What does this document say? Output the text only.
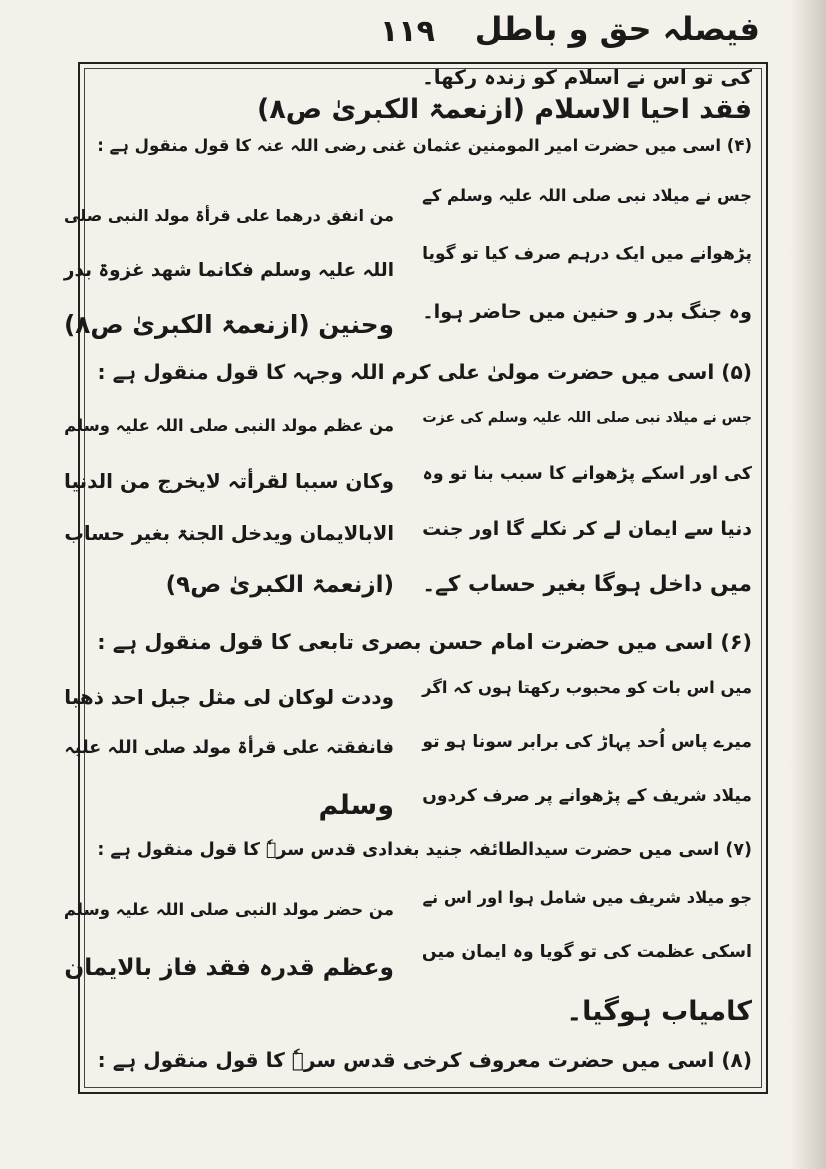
١١٩ فیصلہ حق و باطل
فقد احیا الاسلام (ازنعمۃ الکبریٰ ص۸)
کی تو اس نے اسلام کو زندہ رکھا۔
(۴) اسی میں حضرت امیر المومنین عثمان غنی رضی اللہ عنہ کا قول منقول ہے :
جس نے میلاد نبی صلی اللہ علیہ وسلم کے
من انفق درھما علی قرأۃ مولد النبی صلی
پڑھوانے میں ایک درہم صرف کیا تو گویا
اللہ علیہ وسلم فکانما شھد غزوۃ بدر
وہ جنگ بدر و حنین میں حاضر ہوا۔
وحنین (ازنعمۃ الکبریٰ ص۸)
(۵) اسی میں حضرت مولیٰ علی کرم اللہ وجہہ کا قول منقول ہے :
جس نے میلاد نبی صلی اللہ علیہ وسلم کی عزت
من عظم مولد النبی صلی اللہ علیہ وسلم
کی اور اسکے پڑھوانے کا سبب بنا تو وہ
وکان سببا لقرأتہ لایخرج من الدنیا
دنیا سے ایمان لے کر نکلے گا اور جنت
الابالایمان ویدخل الجنۃ بغیر حساب
میں داخل ہوگا بغیر حساب کے۔
(ازنعمۃ الکبریٰ ص۹)
(۶) اسی میں حضرت امام حسن بصری تابعی کا قول منقول ہے :
میں اس بات کو محبوب رکھتا ہوں کہ اگر
وددت لوکان لی مثل جبل احد ذھبا
میرے پاس اُحد پہاڑ کی برابر سونا ہو تو
فانفقتہ علی قرأۃ مولد صلی اللہ علیہ
میلاد شریف کے پڑھوانے پر صرف کردوں
وسلم
(۷) اسی میں حضرت سیدالطائفہ جنید بغدادی قدس سرہٗ کا قول منقول ہے :
جو میلاد شریف میں شامل ہوا اور اس نے
من حضر مولد النبی صلی اللہ علیہ وسلم
اسکی عظمت کی تو گویا وہ ایمان میں
وعظم قدرہ فقد فاز بالایمان
کامیاب ہوگیا۔
(۸) اسی میں حضرت معروف کرخی قدس سرہٗ کا قول منقول ہے :
